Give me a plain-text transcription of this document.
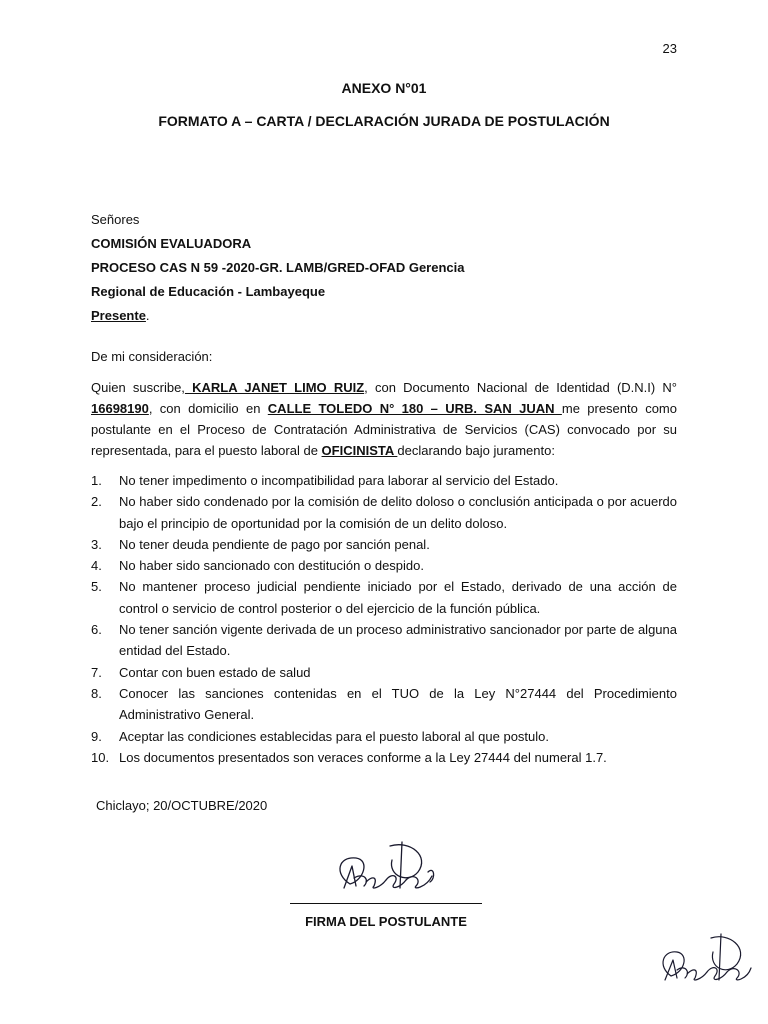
23
ANEXO N°01
FORMATO A – CARTA / DECLARACIÓN JURADA DE POSTULACIÓN
Señores
COMISIÓN EVALUADORA
PROCESO CAS N 59 -2020-GR. LAMB/GRED-OFAD Gerencia
Regional de Educación - Lambayeque
Presente.
De mi consideración:
Quien suscribe, KARLA JANET LIMO RUIZ, con Documento Nacional de Identidad (D.N.I) N° 16698190, con domicilio en CALLE TOLEDO N° 180 – URB. SAN JUAN me presento como postulante en el Proceso de Contratación Administrativa de Servicios (CAS) convocado por su representada, para el puesto laboral de OFICINISTA declarando bajo juramento:
1.	No tener impedimento o incompatibilidad para laborar al servicio del Estado.
2.	No haber sido condenado por la comisión de delito doloso o conclusión anticipada o por acuerdo bajo el principio de oportunidad por la comisión de un delito doloso.
3.	No tener deuda pendiente de pago por sanción penal.
4.	No haber sido sancionado con destitución o despido.
5.	No mantener proceso judicial pendiente iniciado por el Estado, derivado de una acción de control o servicio de control posterior o del ejercicio de la función pública.
6.	No tener sanción vigente derivada de un proceso administrativo sancionador por parte de alguna entidad del Estado.
7.	Contar con buen estado de salud
8.	Conocer las sanciones contenidas en el TUO de la Ley N°27444 del Procedimiento Administrativo General.
9.	Aceptar las condiciones establecidas para el puesto laboral al que postulo.
10. Los documentos presentados son veraces conforme a la Ley 27444 del numeral 1.7.
Chiclayo; 20/OCTUBRE/2020
FIRMA DEL POSTULANTE
